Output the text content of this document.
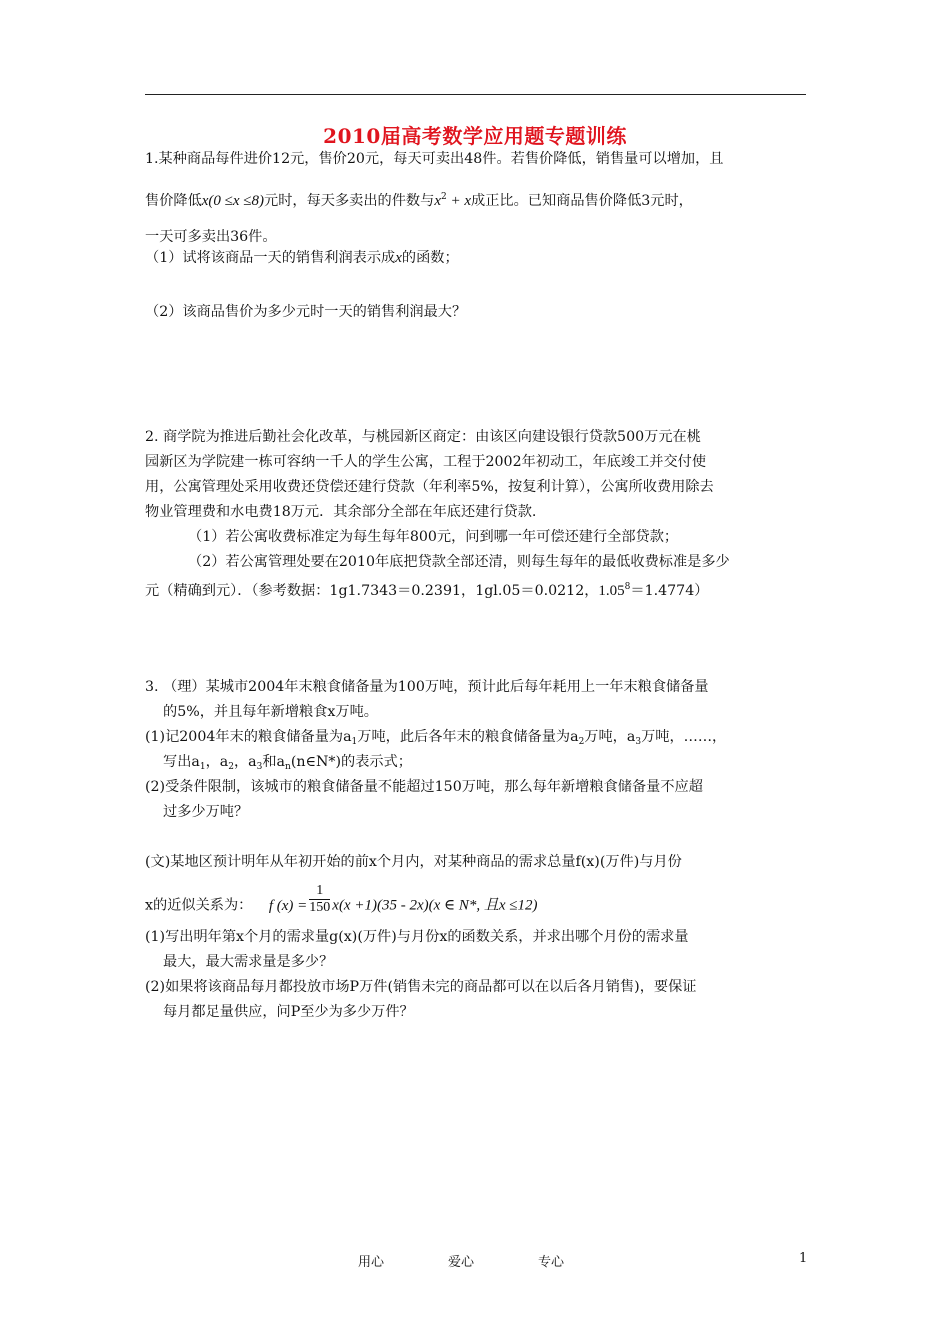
2010届高考数学应用题专题训练
1.某种商品每件进价12元，售价20元，每天可卖出48件。若售价降低，销售量可以增加，且
售价降低x(0 ≤x ≤8)元时，每天多卖出的件数与$x^2 + x$成正比。已知商品售价降低3元时，
一天可多卖出36件。
（1）试将该商品一天的销售利润表示成x的函数；
（2）该商品售价为多少元时一天的销售利润最大？
2. 商学院为推进后勤社会化改革，与桃园新区商定：由该区向建设银行贷款500万元在桃
园新区为学院建一栋可容纳一千人的学生公寓，工程于2002年初动工，年底竣工并交付使
用，公寓管理处采用收费还贷偿还建行贷款（年利率5%，按复利计算），公寓所收费用除去
物业管理费和水电费18万元．其余部分全部在年底还建行贷款.
（1）若公寓收费标准定为每生每年800元，问到哪一年可偿还建行全部贷款；
（2）若公寓管理处要在2010年底把贷款全部还清，则每生每年的最低收费标准是多少
元（精确到元）．（参考数据：1g1.7343＝0.2391，1gl.05＝0.0212，$1.05^8=1.4774$）
3. （理）某城市2004年末粮食储备量为100万吨，预计此后每年耗用上一年末粮食储备量
的5%，并且每年新增粮食x万吨。
(1)记2004年末的粮食储备量为$a_1$万吨，此后各年末的粮食储备量为$a_2$万吨，$a_3$万吨，……，
写出$a_1$，$a_2$，$a_3$和$a_n(n\in N*)$的表示式；
(2)受条件限制，该城市的粮食储备量不能超过150万吨，那么每年新增粮食储备量不应超
过多少万吨？
(文)某地区预计明年从年初开始的前x个月内，对某种商品的需求总量f(x)(万件)与月份
x的近似关系为： f $(x) = \frac{1}{150} x(x +1)(35 - 2x)(x$ ∈ N*, 且x ≤12)
(1)写出明年第x个月的需求量g(x)(万件)与月份x的函数关系，并求出哪个月份的需求量
最大，最大需求量是多少？
(2)如果将该商品每月都投放市场P万件(销售未完的商品都可以在以后各月销售)，要保证
每月都足量供应，问P至少为多少万件？
用心	爱心	专心	1
